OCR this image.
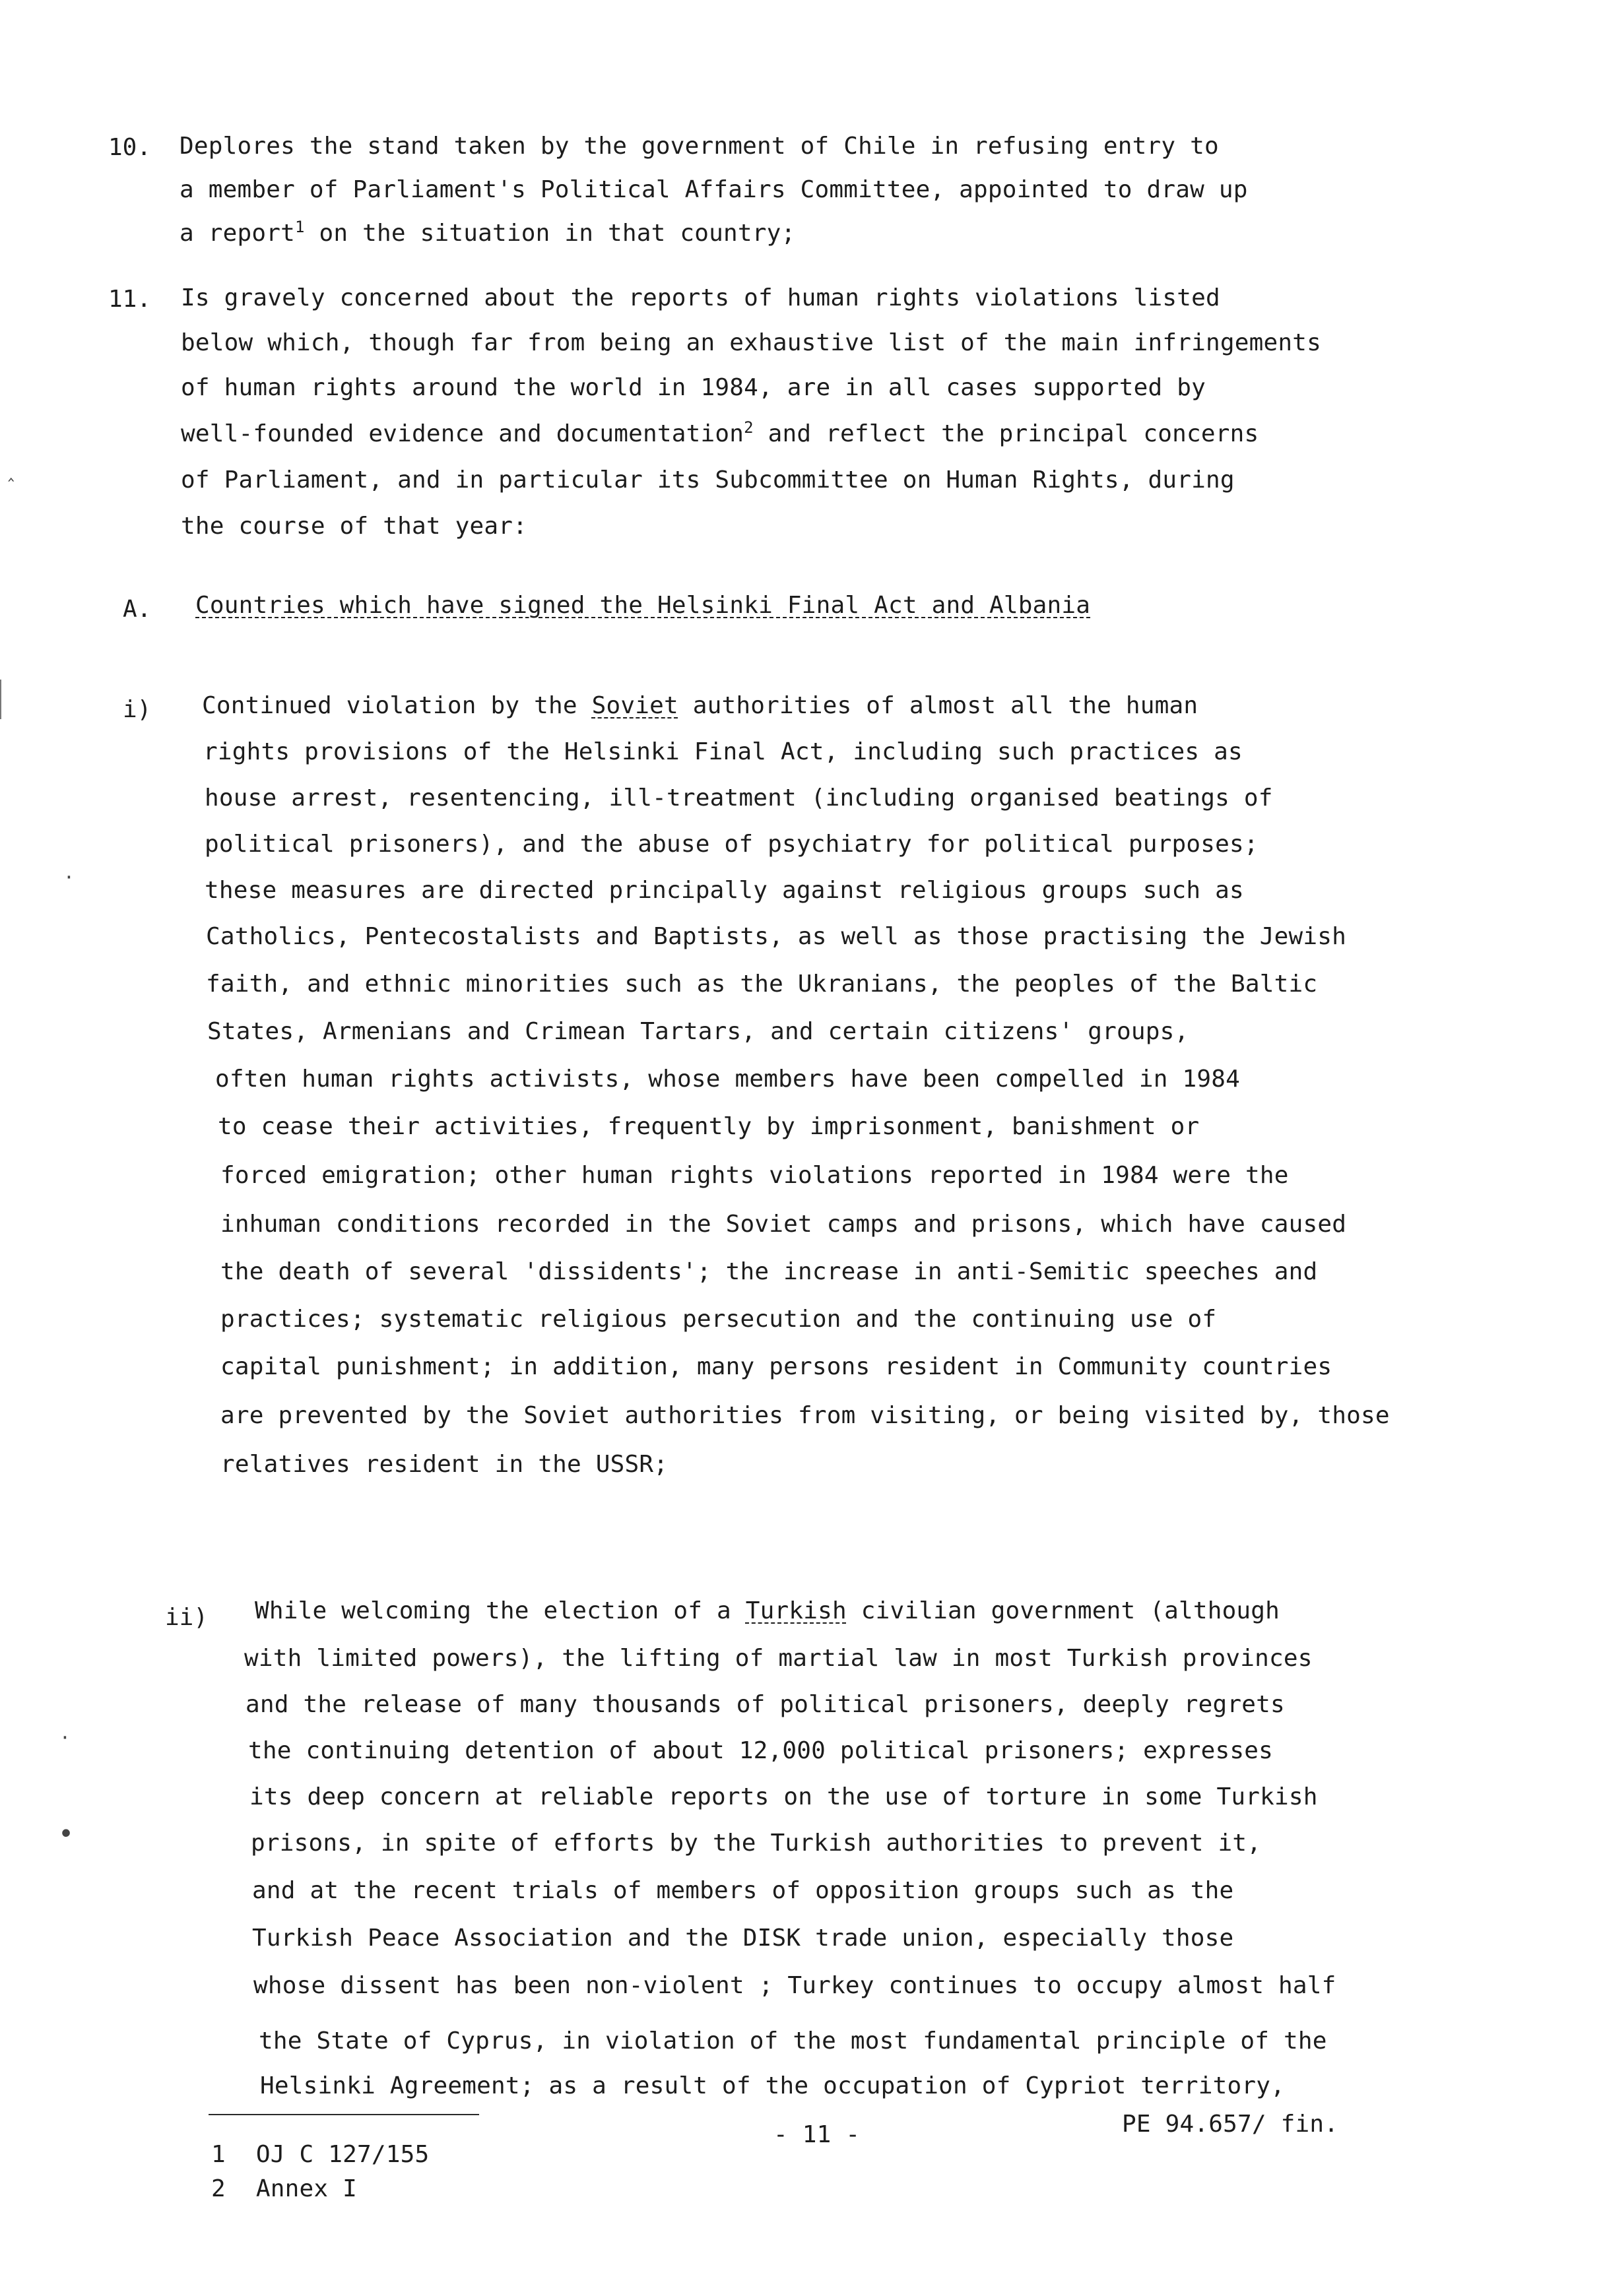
10. Deplores the stand taken by the government of Chile in refusing entry to
a member of Parliament's Political Affairs Committee, appointed to draw up
a report$^1$ on the situation in that country;
11. Is gravely concerned about the reports of human rights violations listed
below which, though far from being an exhaustive list of the main infringements
of human rights around the world in 1984, are in all cases supported by
well-founded evidence and documentation$^2$ and reflect the principal concerns
of Parliament, and in particular its Subcommittee on Human Rights, during
the course of that year:
A. Countries which have signed the Helsinki Final Act and Albania
i) Continued violation by the Soviet authorities of almost all the human
rights provisions of the Helsinki Final Act, including such practices as
house arrest, resentencing, ill-treatment (including organised beatings of
political prisoners), and the abuse of psychiatry for political purposes;
these measures are directed principally against religious groups such as
Catholics, Pentecostalists and Baptists, as well as those practising the Jewish
faith, and ethnic minorities such as the Ukranians, the peoples of the Baltic
States, Armenians and Crimean Tartars, and certain citizens' groups,
often human rights activists, whose members have been compelled in 1984
to cease their activities, frequently by imprisonment, banishment or
forced emigration; other human rights violations reported in 1984 were the
inhuman conditions recorded in the Soviet camps and prisons, which have caused
the death of several 'dissidents'; the increase in anti-Semitic speeches and
practices; systematic religious persecution and the continuing use of
capital punishment; in addition, many persons resident in Community countries
are prevented by the Soviet authorities from visiting, or being visited by, those
relatives resident in the USSR;
ii) While welcoming the election of a Turkish civilian government (although
with limited powers), the lifting of martial law in most Turkish provinces
and the release of many thousands of political prisoners, deeply regrets
the continuing detention of about 12,000 political prisoners; expresses
its deep concern at reliable reports on the use of torture in some Turkish
prisons, in spite of efforts by the Turkish authorities to prevent it,
and at the recent trials of members of opposition groups such as the
Turkish Peace Association and the DISK trade union, especially those
whose dissent has been non-violent ; Turkey continues to occupy almost half
the State of Cyprus, in violation of the most fundamental principle of the
Helsinki Agreement; as a result of the occupation of Cypriot territory,
- 11 -	PE 94.657/ fin.
1 OJ C 127/155
2 Annex I
‸
·
·
•
